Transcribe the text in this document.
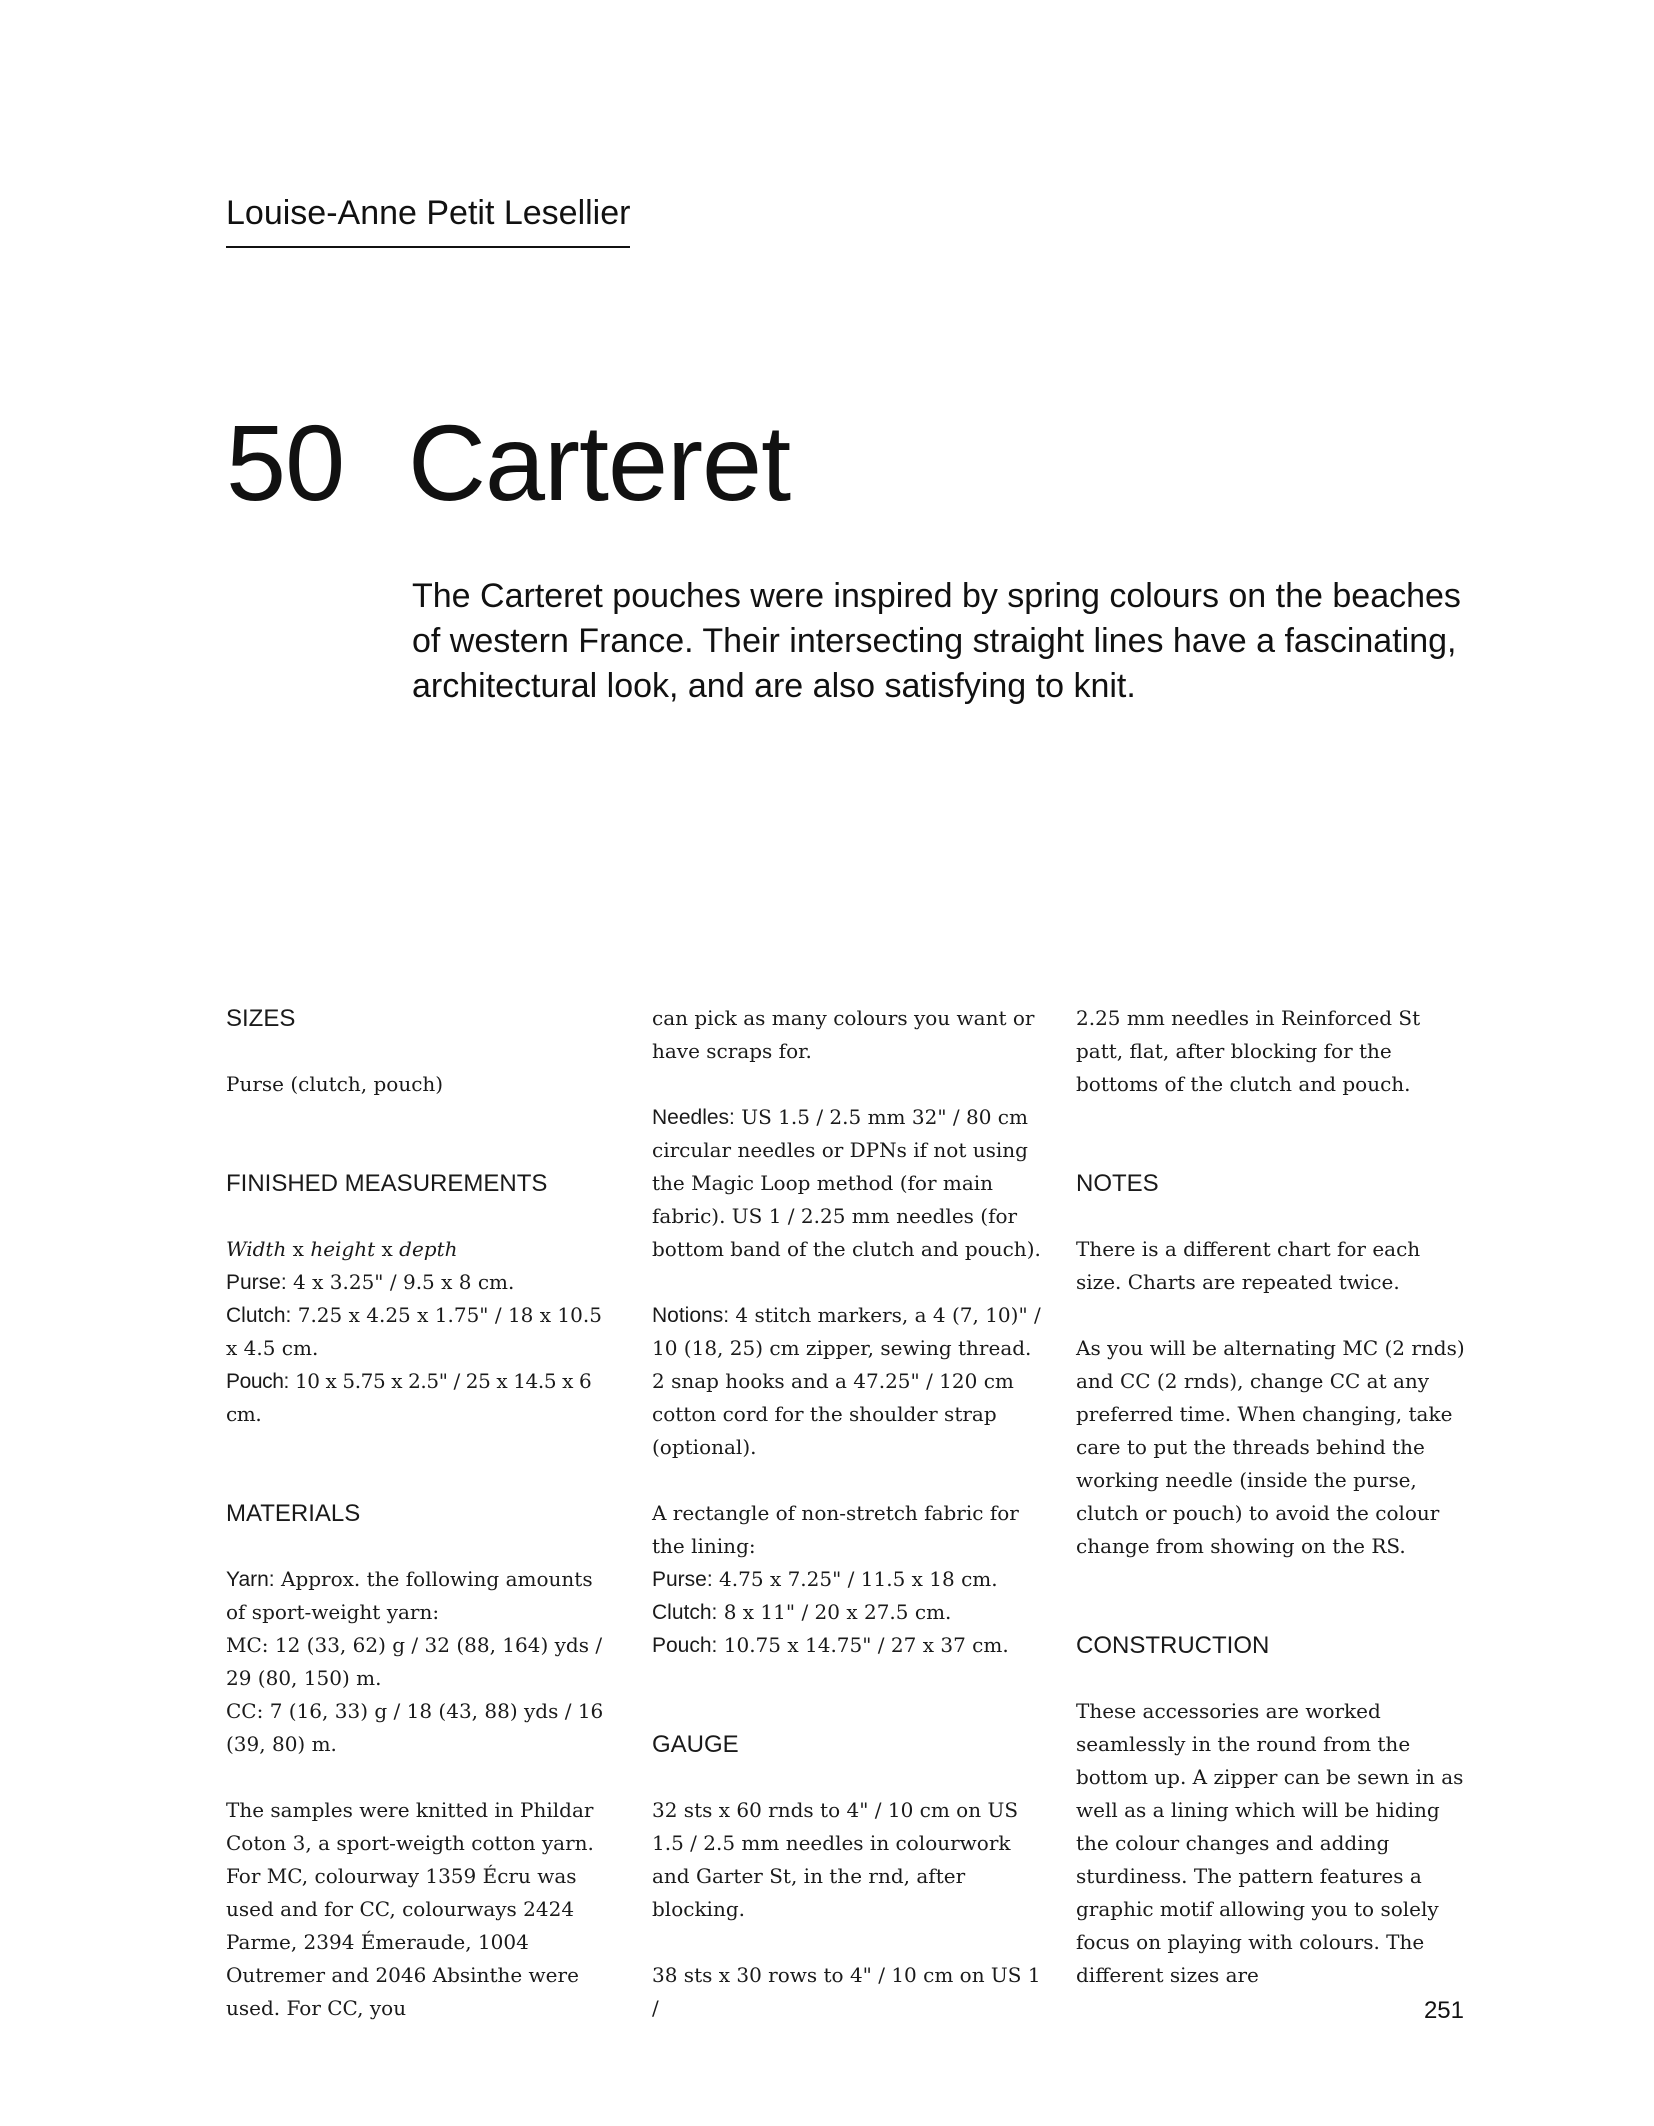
Louise-Anne Petit Lesellier
50 Carteret

The Carteret pouches were inspired by spring colours on the beaches of western France. Their intersecting straight lines have a fascinating, architectural look, and are also satisfying to knit.

SIZES

Purse (clutch, pouch)

FINISHED MEASUREMENTS

Width x height x depth
Purse: 4 x 3.25" / 9.5 x 8 cm.
Clutch: 7.25 x 4.25 x 1.75" / 18 x 10.5 x 4.5 cm.
Pouch: 10 x 5.75 x 2.5" / 25 x 14.5 x 6 cm.

MATERIALS

Yarn: Approx. the following amounts of sport-weight yarn:
MC: 12 (33, 62) g / 32 (88, 164) yds / 29 (80, 150) m.
CC: 7 (16, 33) g / 18 (43, 88) yds / 16 (39, 80) m.

The samples were knitted in Phildar Coton 3, a sport-weigth cotton yarn. For MC, colourway 1359 Écru was used and for CC, colourways 2424 Parme, 2394 Émeraude, 1004 Outremer and 2046 Absinthe were used. For CC, you

can pick as many colours you want or have scraps for.

Needles: US 1.5 / 2.5 mm 32" / 80 cm circular needles or DPNs if not using the Magic Loop method (for main fabric). US 1 / 2.25 mm needles (for bottom band of the clutch and pouch).

Notions: 4 stitch markers, a 4 (7, 10)" / 10 (18, 25) cm zipper, sewing thread. 2 snap hooks and a 47.25" / 120 cm cotton cord for the shoulder strap (optional).

A rectangle of non-stretch fabric for the lining:
Purse: 4.75 x 7.25" / 11.5 x 18 cm.
Clutch: 8 x 11" / 20 x 27.5 cm.
Pouch: 10.75 x 14.75" / 27 x 37 cm.

GAUGE

32 sts x 60 rnds to 4" / 10 cm on US 1.5 / 2.5 mm needles in colourwork and Garter St, in the rnd, after blocking.

38 sts x 30 rows to 4" / 10 cm on US 1 /

2.25 mm needles in Reinforced St patt, flat, after blocking for the bottoms of the clutch and pouch.

NOTES

There is a different chart for each size. Charts are repeated twice.

As you will be alternating MC (2 rnds) and CC (2 rnds), change CC at any preferred time. When changing, take care to put the threads behind the working needle (inside the purse, clutch or pouch) to avoid the colour change from showing on the RS.

CONSTRUCTION

These accessories are worked seamlessly in the round from the bottom up. A zipper can be sewn in as well as a lining which will be hiding the colour changes and adding sturdiness. The pattern features a graphic motif allowing you to solely focus on playing with colours. The different sizes are

251
